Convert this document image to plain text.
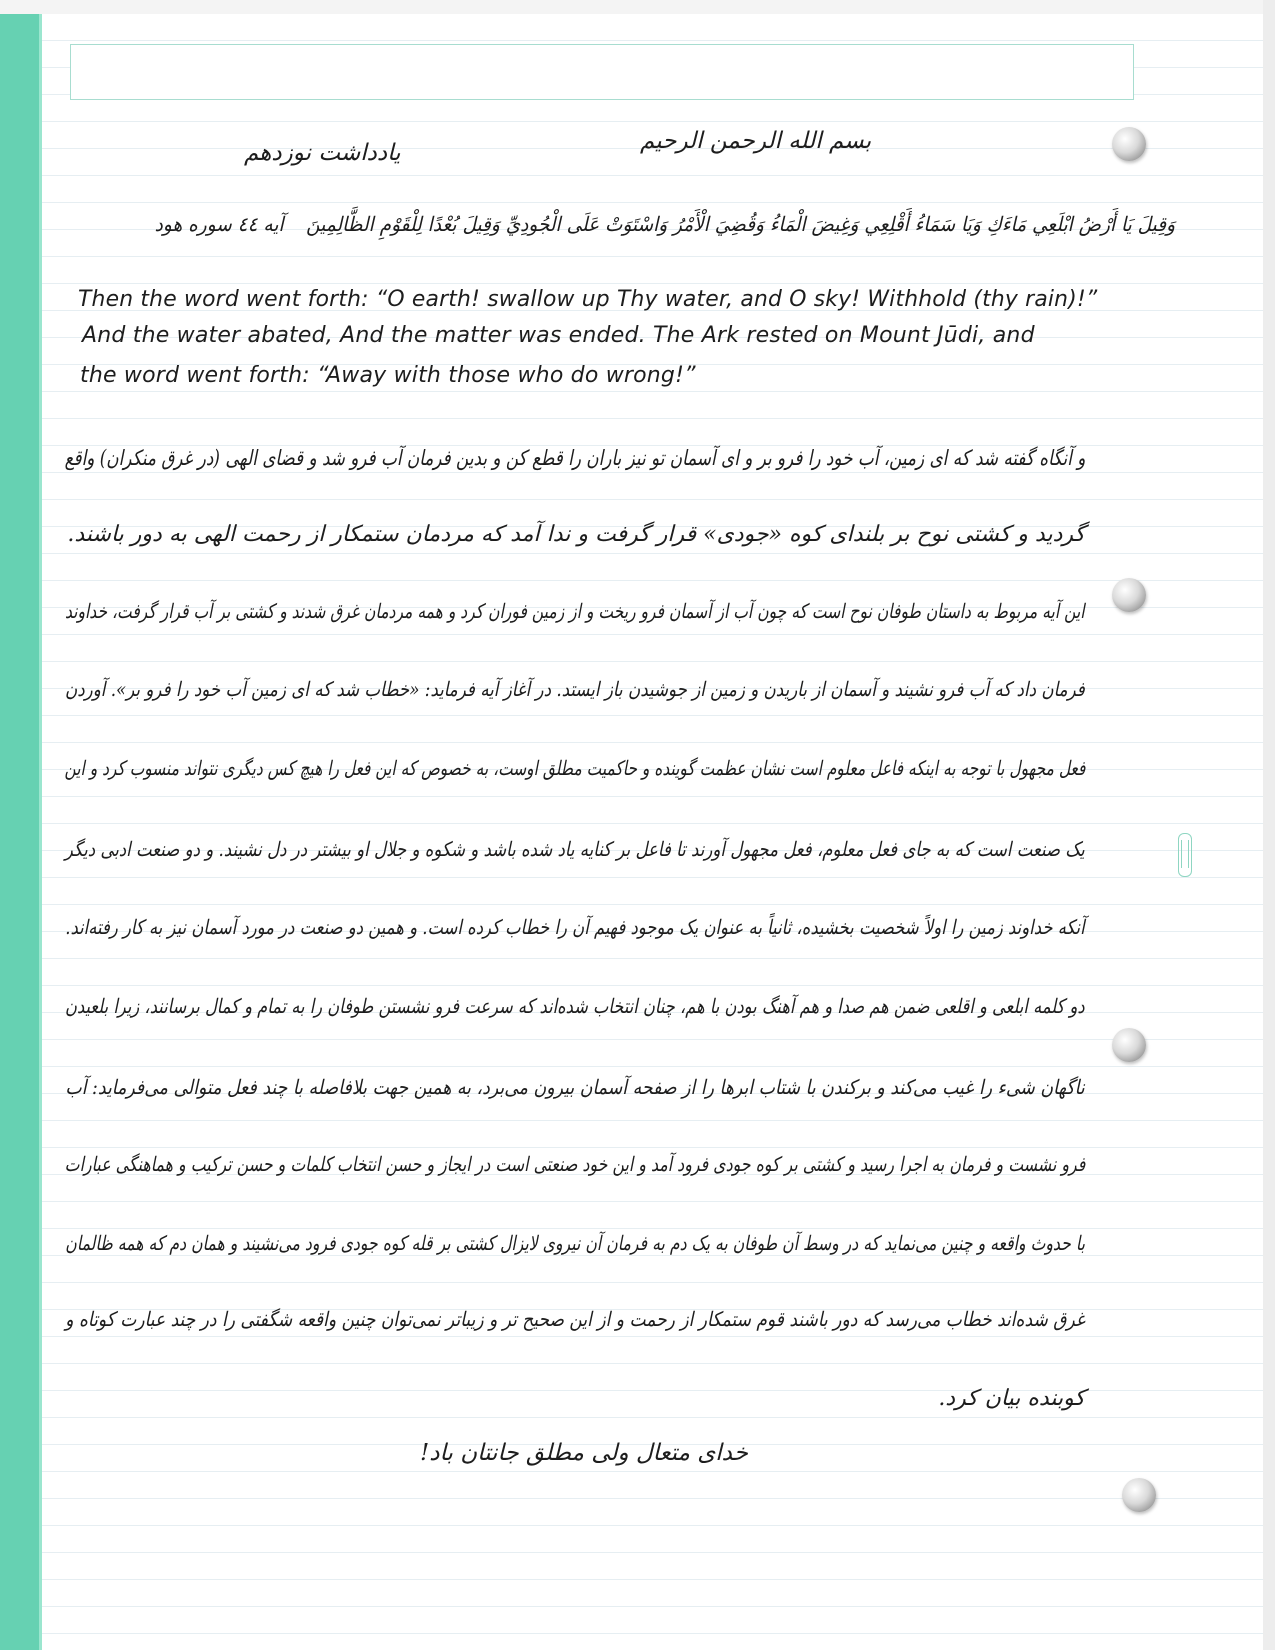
بسم الله الرحمن الرحیم
یادداشت نوزدهم
وَقِيلَ يَا أَرْضُ ابْلَعِي مَاءَكِ وَيَا سَمَاءُ أَقْلِعِي وَغِيضَ الْمَاءُ وَقُضِيَ الْأَمْرُ وَاسْتَوَتْ عَلَى الْجُودِيِّ وَقِيلَ بُعْدًا لِلْقَوْمِ الظَّالِمِينَ آیه ٤٤ سوره هود
Then the word went forth: “O earth! swallow up Thy water, and O sky! Withhold (thy rain)!”
And the water abated, And the matter was ended. The Ark rested on Mount Jūdi, and
the word went forth: “Away with those who do wrong!”
و آنگاه گفته شد که ای زمین، آب خود را فرو بر و ای آسمان تو نیز باران را قطع کن و بدین فرمان آب فرو شد و قضای الهی (در غرق منکران) واقع
گردید و کشتی نوح بر بلندای کوه «جودی» قرار گرفت و ندا آمد که مردمان ستمکار از رحمت الهی به دور باشند.
این آیه مربوط به داستان طوفان نوح است که چون آب از آسمان فرو ریخت و از زمین فوران کرد و همه مردمان غرق شدند و کشتی بر آب قرار گرفت، خداوند
فرمان داد که آب فرو نشیند و آسمان از باریدن و زمین از جوشیدن باز ایستد. در آغاز آیه فرماید: «خطاب شد که ای زمین آب خود را فرو بر». آوردن
فعل مجهول با توجه به اینکه فاعل معلوم است نشان عظمت گوینده و حاکمیت مطلق اوست، به خصوص که این فعل را هیچ کس دیگری نتواند منسوب کرد و این
یک صنعت است که به جای فعل معلوم، فعل مجهول آورند تا فاعل بر کنایه یاد شده باشد و شکوه و جلال او بیشتر در دل نشیند. و دو صنعت ادبی دیگر
آنکه خداوند زمین را اولاً شخصیت بخشیده، ثانیاً به عنوان یک موجود فهیم آن را خطاب کرده است. و همین دو صنعت در مورد آسمان نیز به کار رفته‌اند.
دو کلمه ابلعی و اقلعی ضمن هم صدا و هم آهنگ بودن با هم، چنان انتخاب شده‌اند که سرعت فرو نشستن طوفان را به تمام و کمال برسانند، زیرا بلعیدن
ناگهان شیء را غیب می‌کند و برکندن با شتاب ابرها را از صفحه آسمان بیرون می‌برد، به همین جهت بلافاصله با چند فعل متوالی می‌فرماید: آب
فرو نشست و فرمان به اجرا رسید و کشتی بر کوه جودی فرود آمد و این خود صنعتی است در ایجاز و حسن انتخاب کلمات و حسن ترکیب و هماهنگی عبارات
با حدوث واقعه و چنین می‌نماید که در وسط آن طوفان به یک دم به فرمان آن نیروی لایزال کشتی بر قله کوه جودی فرود می‌نشیند و همان دم که همه ظالمان
غرق شده‌اند خطاب می‌رسد که دور باشند قوم ستمکار از رحمت و از این صحیح تر و زیباتر نمی‌توان چنین واقعه شگفتی را در چند عبارت کوتاه و
کوبنده بیان کرد.
خدای متعال ولی مطلق جانتان باد!
